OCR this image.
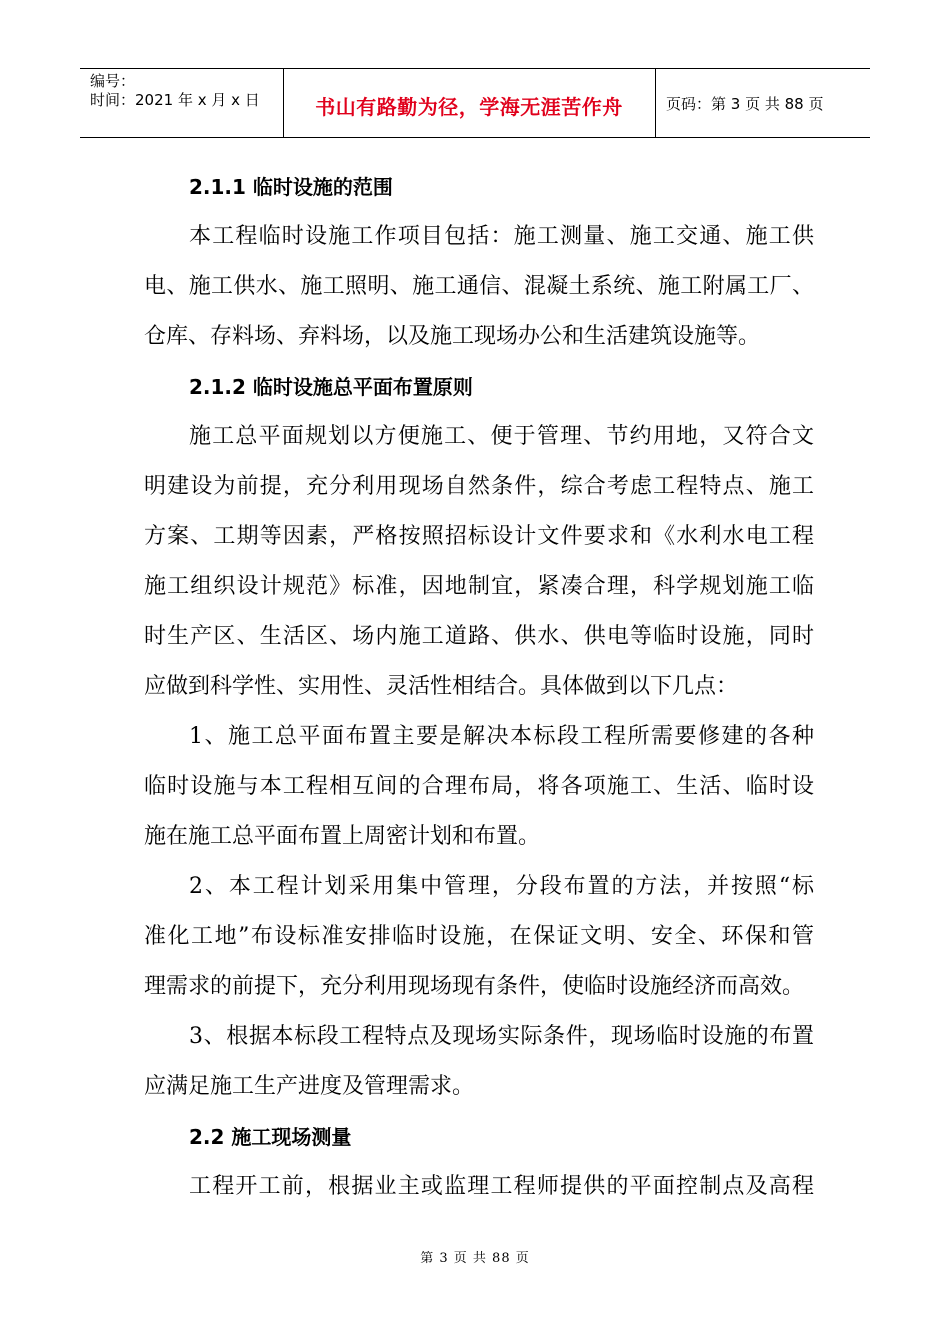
编号：
时间：2021 年 x 月 x 日	书山有路勤为径，学海无涯苦作舟	页码：第 3 页 共 88 页
2.1.1 临时设施的范围
本工程临时设施工作项目包括：施工测量、施工交通、施工供
电、施工供水、施工照明、施工通信、混凝土系统、施工附属工厂、
仓库、存料场、弃料场，以及施工现场办公和生活建筑设施等。
2.1.2 临时设施总平面布置原则
施工总平面规划以方便施工、便于管理、节约用地，又符合文
明建设为前提，充分利用现场自然条件，综合考虑工程特点、施工
方案、工期等因素，严格按照招标设计文件要求和《水利水电工程
施工组织设计规范》标准，因地制宜，紧凑合理，科学规划施工临
时生产区、生活区、场内施工道路、供水、供电等临时设施，同时
应做到科学性、实用性、灵活性相结合。具体做到以下几点：
1、施工总平面布置主要是解决本标段工程所需要修建的各种
临时设施与本工程相互间的合理布局，将各项施工、生活、临时设
施在施工总平面布置上周密计划和布置。
2、本工程计划采用集中管理，分段布置的方法，并按照“标
准化工地”布设标准安排临时设施，在保证文明、安全、环保和管
理需求的前提下，充分利用现场现有条件，使临时设施经济而高效。
3、根据本标段工程特点及现场实际条件，现场临时设施的布置
应满足施工生产进度及管理需求。
2.2 施工现场测量
工程开工前，根据业主或监理工程师提供的平面控制点及高程
第 3 页 共 88 页
